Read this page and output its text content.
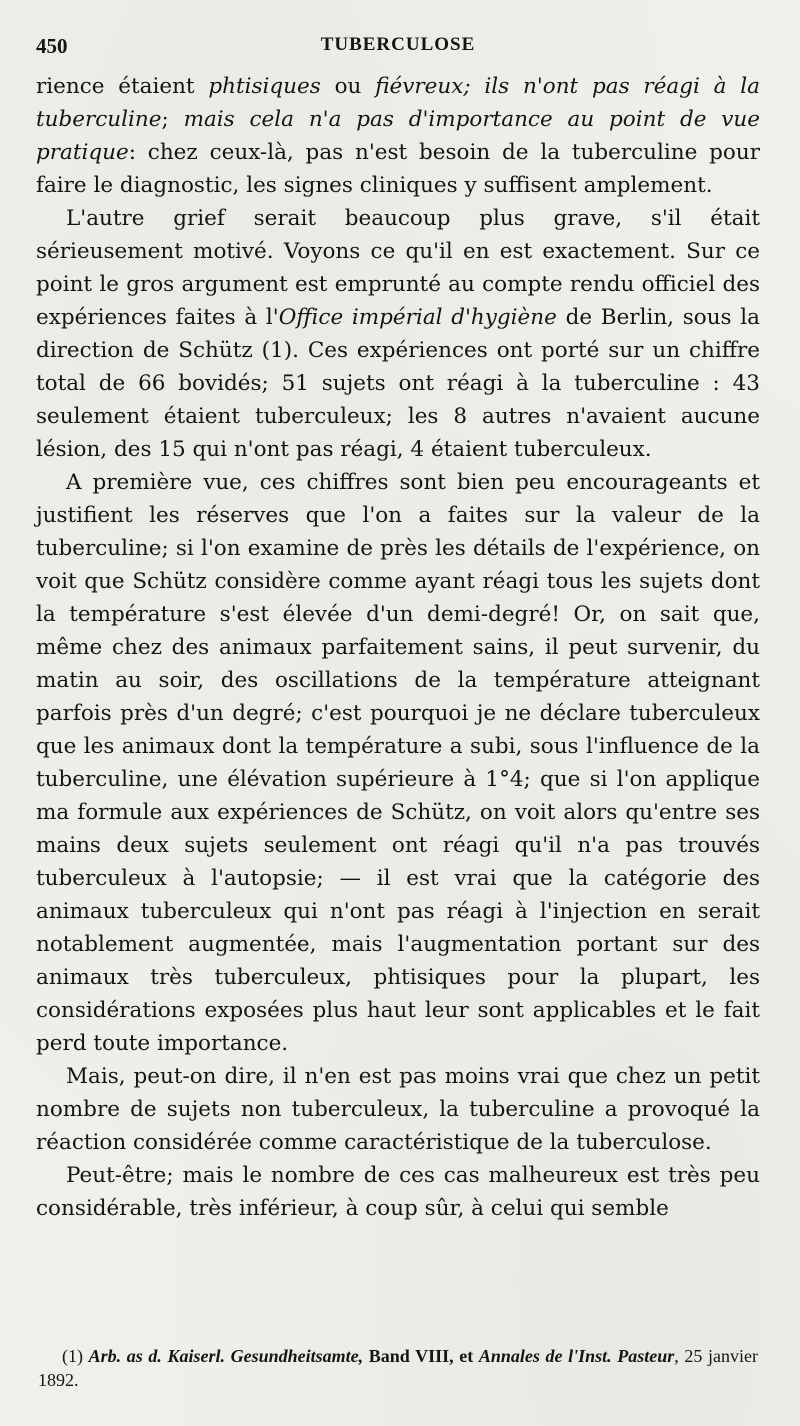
450	TUBERCULOSE

rience étaient phtisiques ou fiévreux; ils n'ont pas réagi à la tuberculine; mais cela n'a pas d'importance au point de vue pratique: chez ceux-là, pas n'est besoin de la tuberculine pour faire le diagnostic, les signes cliniques y suffisent amplement.

L'autre grief serait beaucoup plus grave, s'il était sérieusement motivé. Voyons ce qu'il en est exactement. Sur ce point le gros argument est emprunté au compte rendu officiel des expériences faites à l'Office impérial d'hygiène de Berlin, sous la direction de Schütz (1). Ces expériences ont porté sur un chiffre total de 66 bovidés; 51 sujets ont réagi à la tuberculine : 43 seulement étaient tuberculeux; les 8 autres n'avaient aucune lésion, des 15 qui n'ont pas réagi, 4 étaient tuberculeux.

A première vue, ces chiffres sont bien peu encourageants et justifient les réserves que l'on a faites sur la valeur de la tuberculine; si l'on examine de près les détails de l'expérience, on voit que Schütz considère comme ayant réagi tous les sujets dont la température s'est élevée d'un demi-degré! Or, on sait que, même chez des animaux parfaitement sains, il peut survenir, du matin au soir, des oscillations de la température atteignant parfois près d'un degré; c'est pourquoi je ne déclare tuberculeux que les animaux dont la température a subi, sous l'influence de la tuberculine, une élévation supérieure à 1°4; que si l'on applique ma formule aux expériences de Schütz, on voit alors qu'entre ses mains deux sujets seulement ont réagi qu'il n'a pas trouvés tuberculeux à l'autopsie; — il est vrai que la catégorie des animaux tuberculeux qui n'ont pas réagi à l'injection en serait notablement augmentée, mais l'augmentation portant sur des animaux très tuberculeux, phtisiques pour la plupart, les considérations exposées plus haut leur sont applicables et le fait perd toute importance.

Mais, peut-on dire, il n'en est pas moins vrai que chez un petit nombre de sujets non tuberculeux, la tuberculine a provoqué la réaction considérée comme caractéristique de la tuberculose.

Peut-être; mais le nombre de ces cas malheureux est très peu considérable, très inférieur, à coup sûr, à celui qui semble

(1) Arb. as d. Kaiserl. Gesundheitsamte, Band VIII, et Annales de l'Inst. Pasteur, 25 janvier 1892.
